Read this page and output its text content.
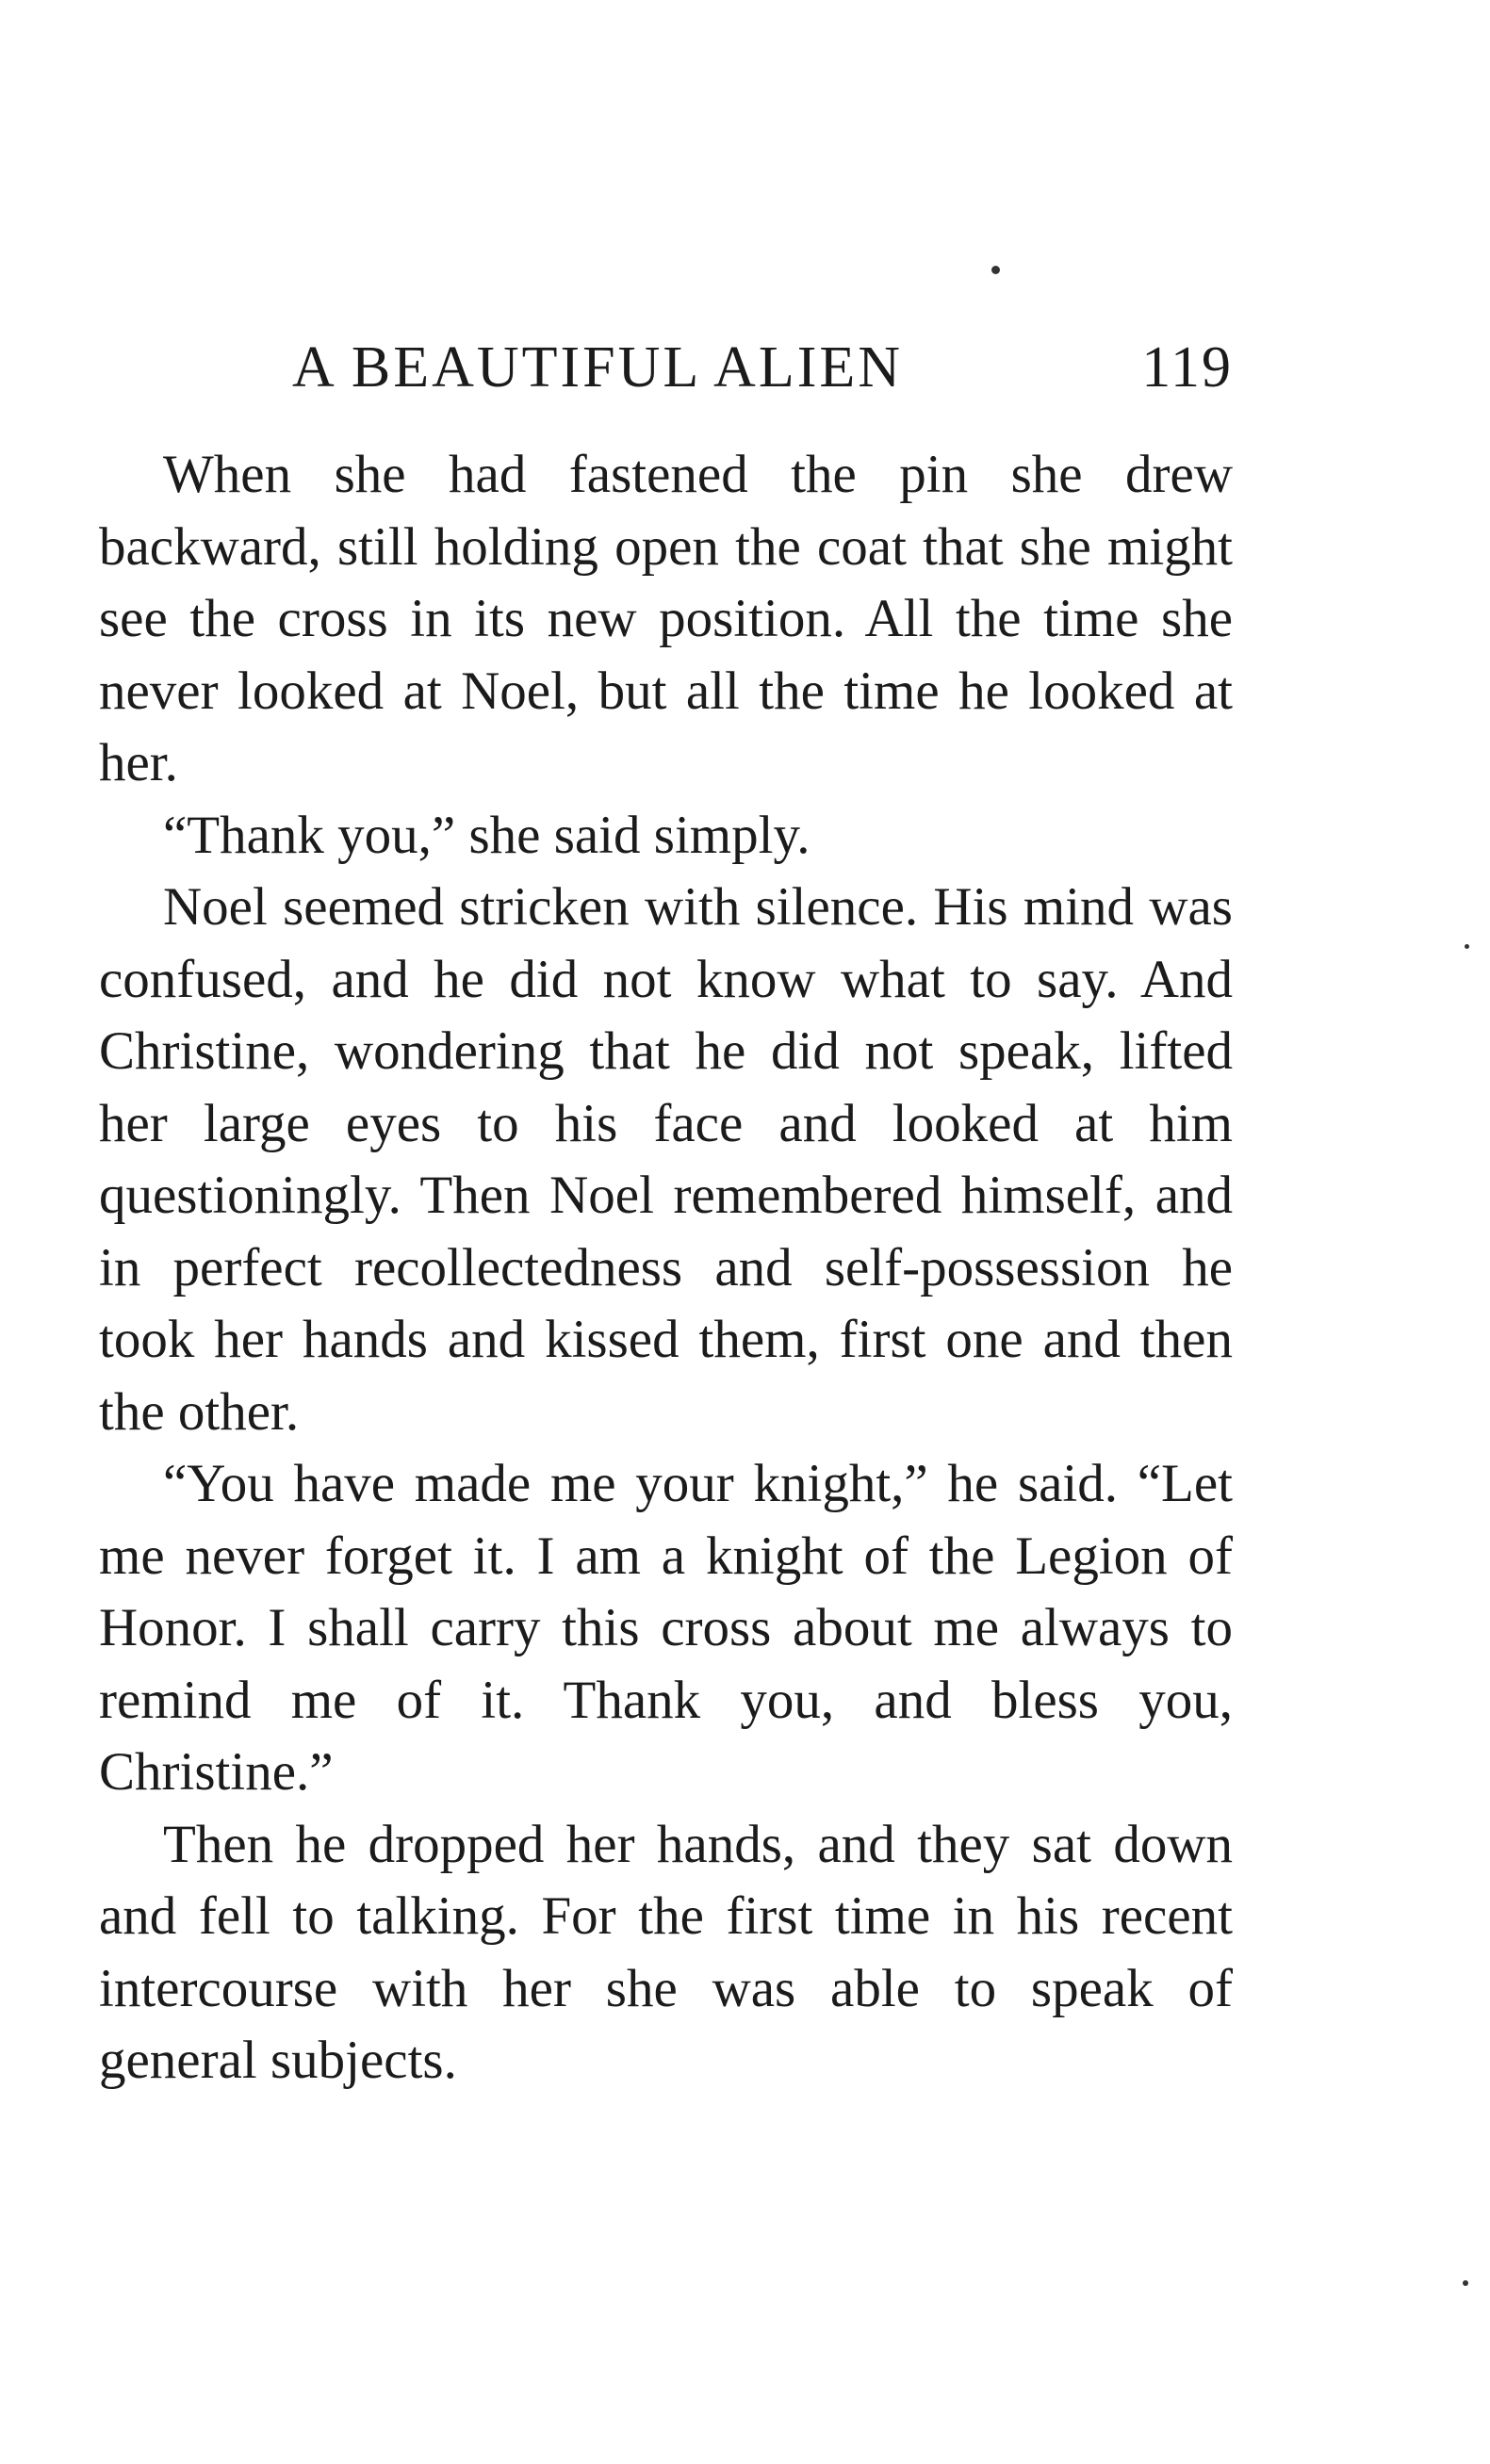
A BEAUTIFUL ALIEN	119

When she had fastened the pin she drew backward, still holding open the coat that she might see the cross in its new position. All the time she never looked at Noel, but all the time he looked at her.

“Thank you,” she said simply.

Noel seemed stricken with silence. His mind was confused, and he did not know what to say. And Christine, wondering that he did not speak, lifted her large eyes to his face and looked at him questioningly. Then Noel remembered himself, and in perfect recollectedness and self-possession he took her hands and kissed them, first one and then the other.

“You have made me your knight,” he said. “Let me never forget it. I am a knight of the Legion of Honor. I shall carry this cross about me always to remind me of it. Thank you, and bless you, Christine.”

Then he dropped her hands, and they sat down and fell to talking. For the first time in his recent intercourse with her she was able to speak of general subjects.
